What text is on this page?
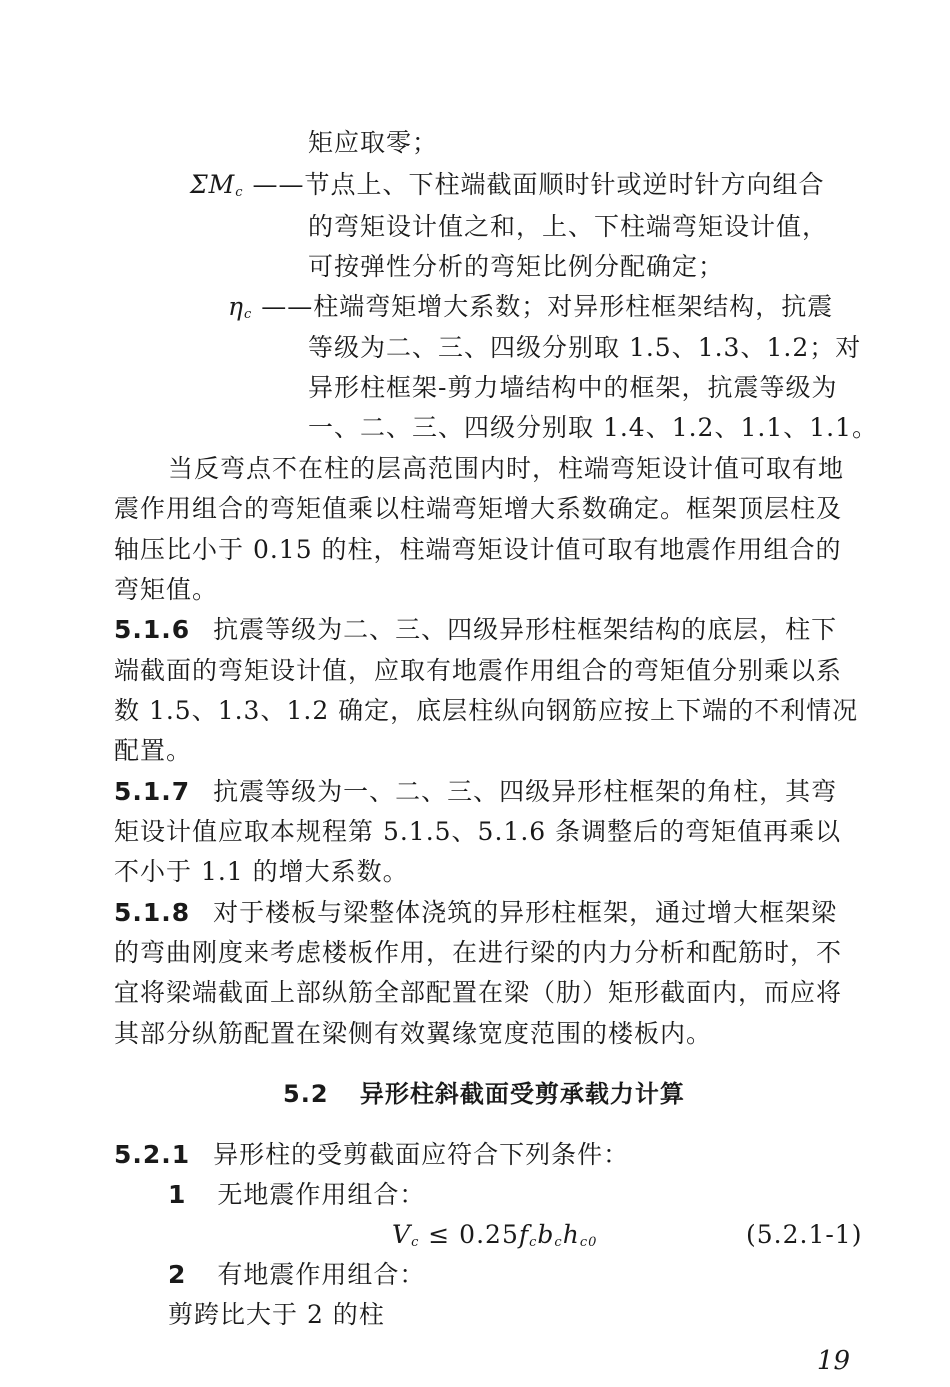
矩应取零；
$\Sigma M_c$ ——节点上、下柱端截面顺时针或逆时针方向组合
的弯矩设计值之和，上、下柱端弯矩设计值，
可按弹性分析的弯矩比例分配确定；
$\eta_c$ ——柱端弯矩增大系数；对异形柱框架结构，抗震
等级为二、三、四级分别取 1.5、1.3、1.2；对
异形柱框架-剪力墙结构中的框架，抗震等级为
一、二、三、四级分别取 1.4、1.2、1.1、1.1。
当反弯点不在柱的层高范围内时，柱端弯矩设计值可取有地
震作用组合的弯矩值乘以柱端弯矩增大系数确定。框架顶层柱及
轴压比小于 0.15 的柱，柱端弯矩设计值可取有地震作用组合的
弯矩值。
5.1.6 抗震等级为二、三、四级异形柱框架结构的底层，柱下
端截面的弯矩设计值，应取有地震作用组合的弯矩值分别乘以系
数 1.5、1.3、1.2 确定，底层柱纵向钢筋应按上下端的不利情况
配置。
5.1.7 抗震等级为一、二、三、四级异形柱框架的角柱，其弯
矩设计值应取本规程第 5.1.5、5.1.6 条调整后的弯矩值再乘以
不小于 1.1 的增大系数。
5.1.8 对于楼板与梁整体浇筑的异形柱框架，通过增大框架梁
的弯曲刚度来考虑楼板作用，在进行梁的内力分析和配筋时，不
宜将梁端截面上部纵筋全部配置在梁（肋）矩形截面内，而应将
其部分纵筋配置在梁侧有效翼缘宽度范围的楼板内。
5.2 异形柱斜截面受剪承载力计算
5.2.1 异形柱的受剪截面应符合下列条件：
1 无地震作用组合：
$V_c \le 0.25f_cb_ch_{c0}$	(5.2.1-1)
2 有地震作用组合：
剪跨比大于 2 的柱
19
